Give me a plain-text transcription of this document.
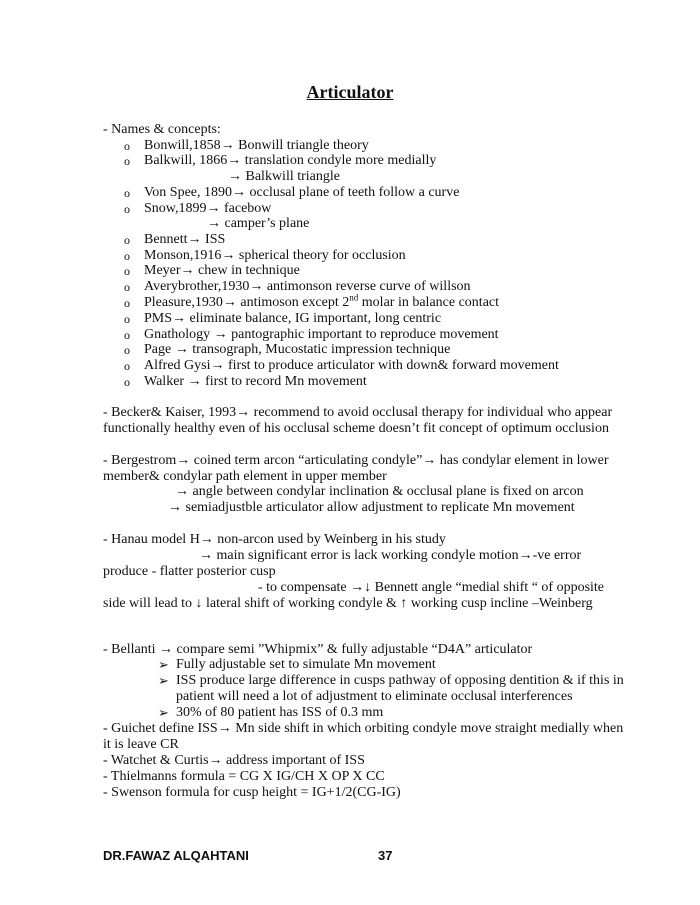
Articulator
- Names & concepts:
o Bonwill,1858→ Bonwill triangle theory
o Balkwill, 1866→ translation condyle more medially
→ Balkwill triangle
o Von Spee, 1890→ occlusal plane of teeth follow a curve
o Snow,1899→ facebow
→ camper’s plane
o Bennett→ ISS
o Monson,1916→ spherical theory for occlusion
o Meyer→ chew in technique
o Averybrother,1930→ antimonson reverse curve of willson
o Pleasure,1930→ antimoson except 2nd molar in balance contact
o PMS→ eliminate balance, IG important, long centric
o Gnathology → pantographic important to reproduce movement
o Page → transograph, Mucostatic impression technique
o Alfred Gysi→ first to produce articulator with down& forward movement
o Walker → first to record Mn movement
- Becker& Kaiser, 1993→ recommend to avoid occlusal therapy for individual who appear
functionally healthy even of his occlusal scheme doesn’t fit concept of optimum occlusion
- Bergestrom→ coined term arcon “articulating condyle”→ has condylar element in lower
member& condylar path element in upper member
→ angle between condylar inclination & occlusal plane is fixed on arcon
→ semiadjustble articulator allow adjustment to replicate Mn movement
- Hanau model H→ non-arcon used by Weinberg in his study
→ main significant error is lack working condyle motion→-ve error
produce - flatter posterior cusp
- to compensate →↓ Bennett angle “medial shift “ of opposite
side will lead to ↓ lateral shift of working condyle & ↑ working cusp incline –Weinberg
- Bellanti → compare semi ”Whipmix” & fully adjustable “D4A” articulator
➢ Fully adjustable set to simulate Mn movement
➢ ISS produce large difference in cusps pathway of opposing dentition & if this in
patient will need a lot of adjustment to eliminate occlusal interferences
➢ 30% of 80 patient has ISS of 0.3 mm
- Guichet define ISS→ Mn side shift in which orbiting condyle move straight medially when
it is leave CR
- Watchet & Curtis→ address important of ISS
- Thielmanns formula = CG X IG/CH X OP X CC
- Swenson formula for cusp height = IG+1/2(CG-IG)
DR.FAWAZ ALQAHTANI	37
